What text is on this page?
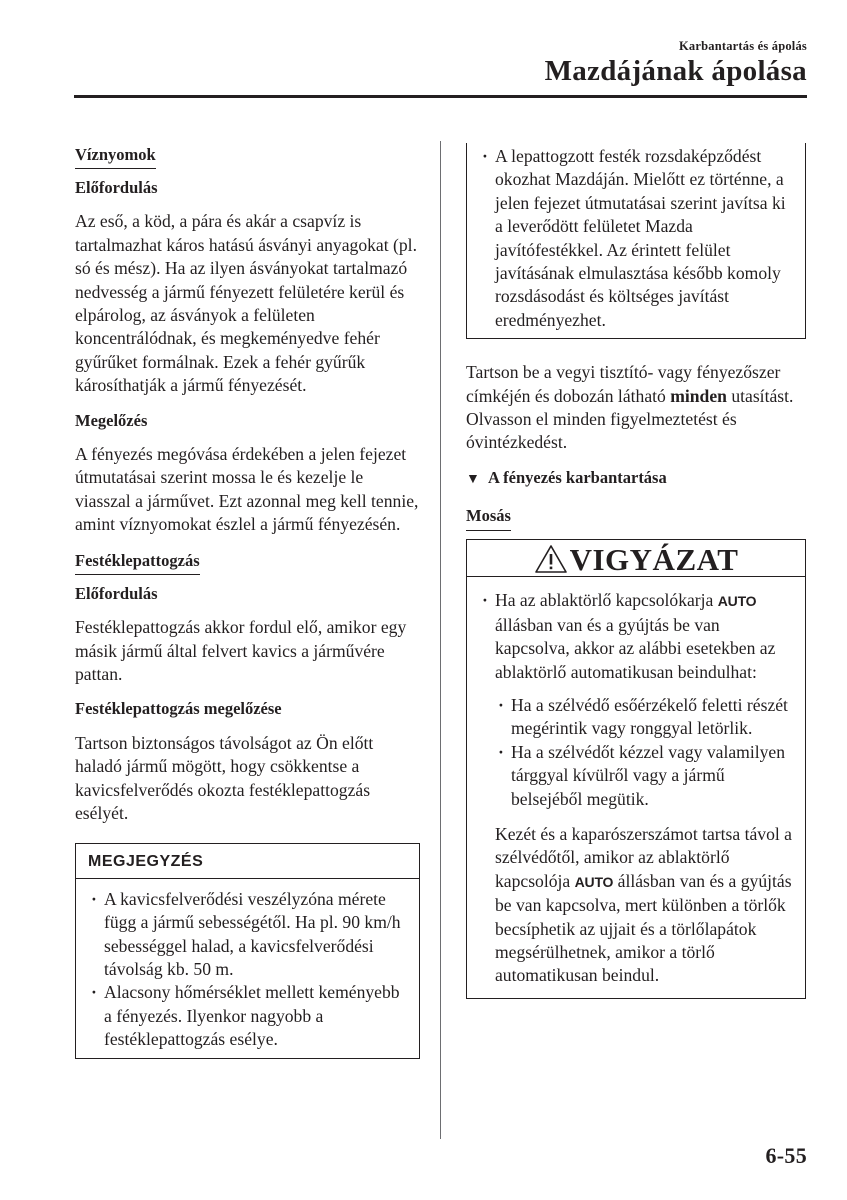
Karbantartás és ápolás
Mazdájának ápolása
Víznyomok
Előfordulás

Az eső, a köd, a pára és akár a csapvíz is tartalmazhat káros hatású ásványi anyagokat (pl. só és mész). Ha az ilyen ásványokat tartalmazó nedvesség a jármű fényezett felületére kerül és elpárolog, az ásványok a felületen koncentrálódnak, és megkeményedve fehér gyűrűket formálnak. Ezek a fehér gyűrűk károsíthatják a jármű fényezését.

Megelőzés

A fényezés megóvása érdekében a jelen fejezet útmutatásai szerint mossa le és kezelje le viasszal a járművet. Ezt azonnal meg kell tennie, amint víznyomokat észlel a jármű fényezésén.

Festéklepattogzás
Előfordulás

Festéklepattogzás akkor fordul elő, amikor egy másik jármű által felvert kavics a járművére pattan.

Festéklepattogzás megelőzése

Tartson biztonságos távolságot az Ön előtt haladó jármű mögött, hogy csökkentse a kavicsfelverődés okozta festéklepattogzás esélyét.

MEGJEGYZÉS
· A kavicsfelverődési veszélyzóna mérete függ a jármű sebességétől. Ha pl. 90 km/h sebességgel halad, a kavicsfelverődési távolság kb. 50 m.
· Alacsony hőmérséklet mellett keményebb a fényezés. Ilyenkor nagyobb a festéklepattogzás esélye.
· A lepattogzott festék rozsdaképződést okozhat Mazdáján. Mielőtt ez történne, a jelen fejezet útmutatásai szerint javítsa ki a leverődött felületet Mazda javítófestékkel. Az érintett felület javításának elmulasztása később komoly rozsdásodást és költséges javítást eredményezhet.

Tartson be a vegyi tisztító- vagy fényezőszer címkéjén és dobozán látható minden utasítást. Olvasson el minden figyelmeztetést és óvintézkedést.

▼ A fényezés karbantartása
Mosás
VIGYÁZAT
· Ha az ablaktörlő kapcsolókarja AUTO állásban van és a gyújtás be van kapcsolva, akkor az alábbi esetekben az ablaktörlő automatikusan beindulhat:
· Ha a szélvédő esőérzékelő feletti részét megérintik vagy ronggyal letörlik.
· Ha a szélvédőt kézzel vagy valamilyen tárggyal kívülről vagy a jármű belsejéből megütik.

Kezét és a kaparószerszámot tartsa távol a szélvédőtől, amikor az ablaktörlő kapcsolója AUTO állásban van és a gyújtás be van kapcsolva, mert különben a törlők becsíphetik az ujjait és a törlőlapátok megsérülhetnek, amikor a törlő automatikusan beindul.

6-55
